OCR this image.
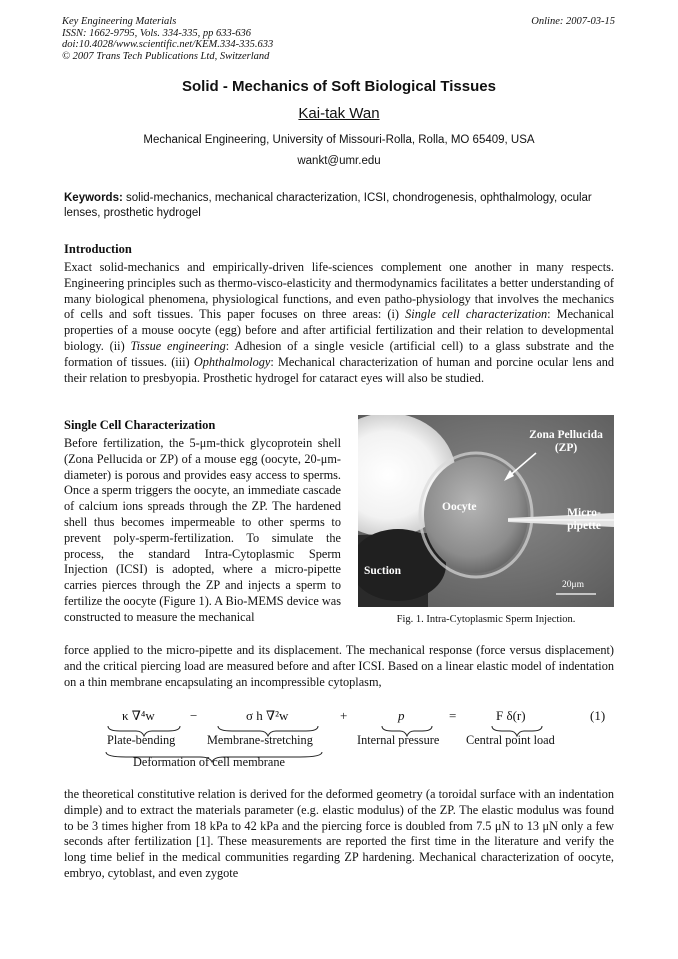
Key Engineering Materials
ISSN: 1662-9795, Vols. 334-335, pp 633-636
doi:10.4028/www.scientific.net/KEM.334-335.633
© 2007 Trans Tech Publications Ltd, Switzerland
Online: 2007-03-15
Solid - Mechanics of Soft Biological Tissues
Kai-tak Wan
Mechanical Engineering, University of Missouri-Rolla, Rolla, MO 65409, USA
wankt@umr.edu
Keywords: solid-mechanics, mechanical characterization, ICSI, chondrogenesis, ophthalmology, ocular lenses, prosthetic hydrogel
Introduction
Exact solid-mechanics and empirically-driven life-sciences complement one another in many respects. Engineering principles such as thermo-visco-elasticity and thermodynamics facilitates a better understanding of many biological phenomena, physiological functions, and even patho-physiology that involves the mechanics of cells and soft tissues. This paper focuses on three areas: (i) Single cell characterization: Mechanical properties of a mouse oocyte (egg) before and after artificial fertilization and their relation to developmental biology. (ii) Tissue engineering: Adhesion of a single vesicle (artificial cell) to a glass substrate and the formation of tissues. (iii) Ophthalmology: Mechanical characterization of human and porcine ocular lens and their relation to presbyopia. Prosthetic hydrogel for cataract eyes will also be studied.
Single Cell Characterization
Before fertilization, the 5-μm-thick glycoprotein shell (Zona Pellucida or ZP) of a mouse egg (oocyte, 20-μm-diameter) is porous and provides easy access to sperms. Once a sperm triggers the oocyte, an immediate cascade of calcium ions spreads through the ZP. The hardened shell thus becomes impermeable to other sperms to prevent poly-sperm-fertilization. To simulate the process, the standard Intra-Cytoplasmic Sperm Injection (ICSI) is adopted, where a micro-pipette carries pierces through the ZP and injects a sperm to fertilize the oocyte (Figure 1). A Bio-MEMS device was constructed to measure the mechanical
Zona Pellucida (ZP)
Oocyte	Micro-pipette
Suction
20μm
Fig. 1. Intra-Cytoplasmic Sperm Injection.
force applied to the micro-pipette and its displacement. The mechanical response (force versus displacement) and the critical piercing load are measured before and after ICSI. Based on a linear elastic model of indentation on a thin membrane encapsulating an incompressible cytoplasm,
κ ∇⁴w	−	σ h ∇²w	+	p	=	F δ(r)	(1)
Plate-bending	Membrane-stretching	Internal pressure Central point load
Deformation of cell membrane
the theoretical constitutive relation is derived for the deformed geometry (a toroidal surface with an indentation dimple) and to extract the materials parameter (e.g. elastic modulus) of the ZP. The elastic modulus was found to be 3 times higher from 18 kPa to 42 kPa and the piercing force is doubled from 7.5 μN to 13 μN only a few seconds after fertilization [1]. These measurements are reported the first time in the literature and verify the long time belief in the medical communities regarding ZP hardening. Mechanical characterization of oocyte, embryo, cytoblast, and even zygote
